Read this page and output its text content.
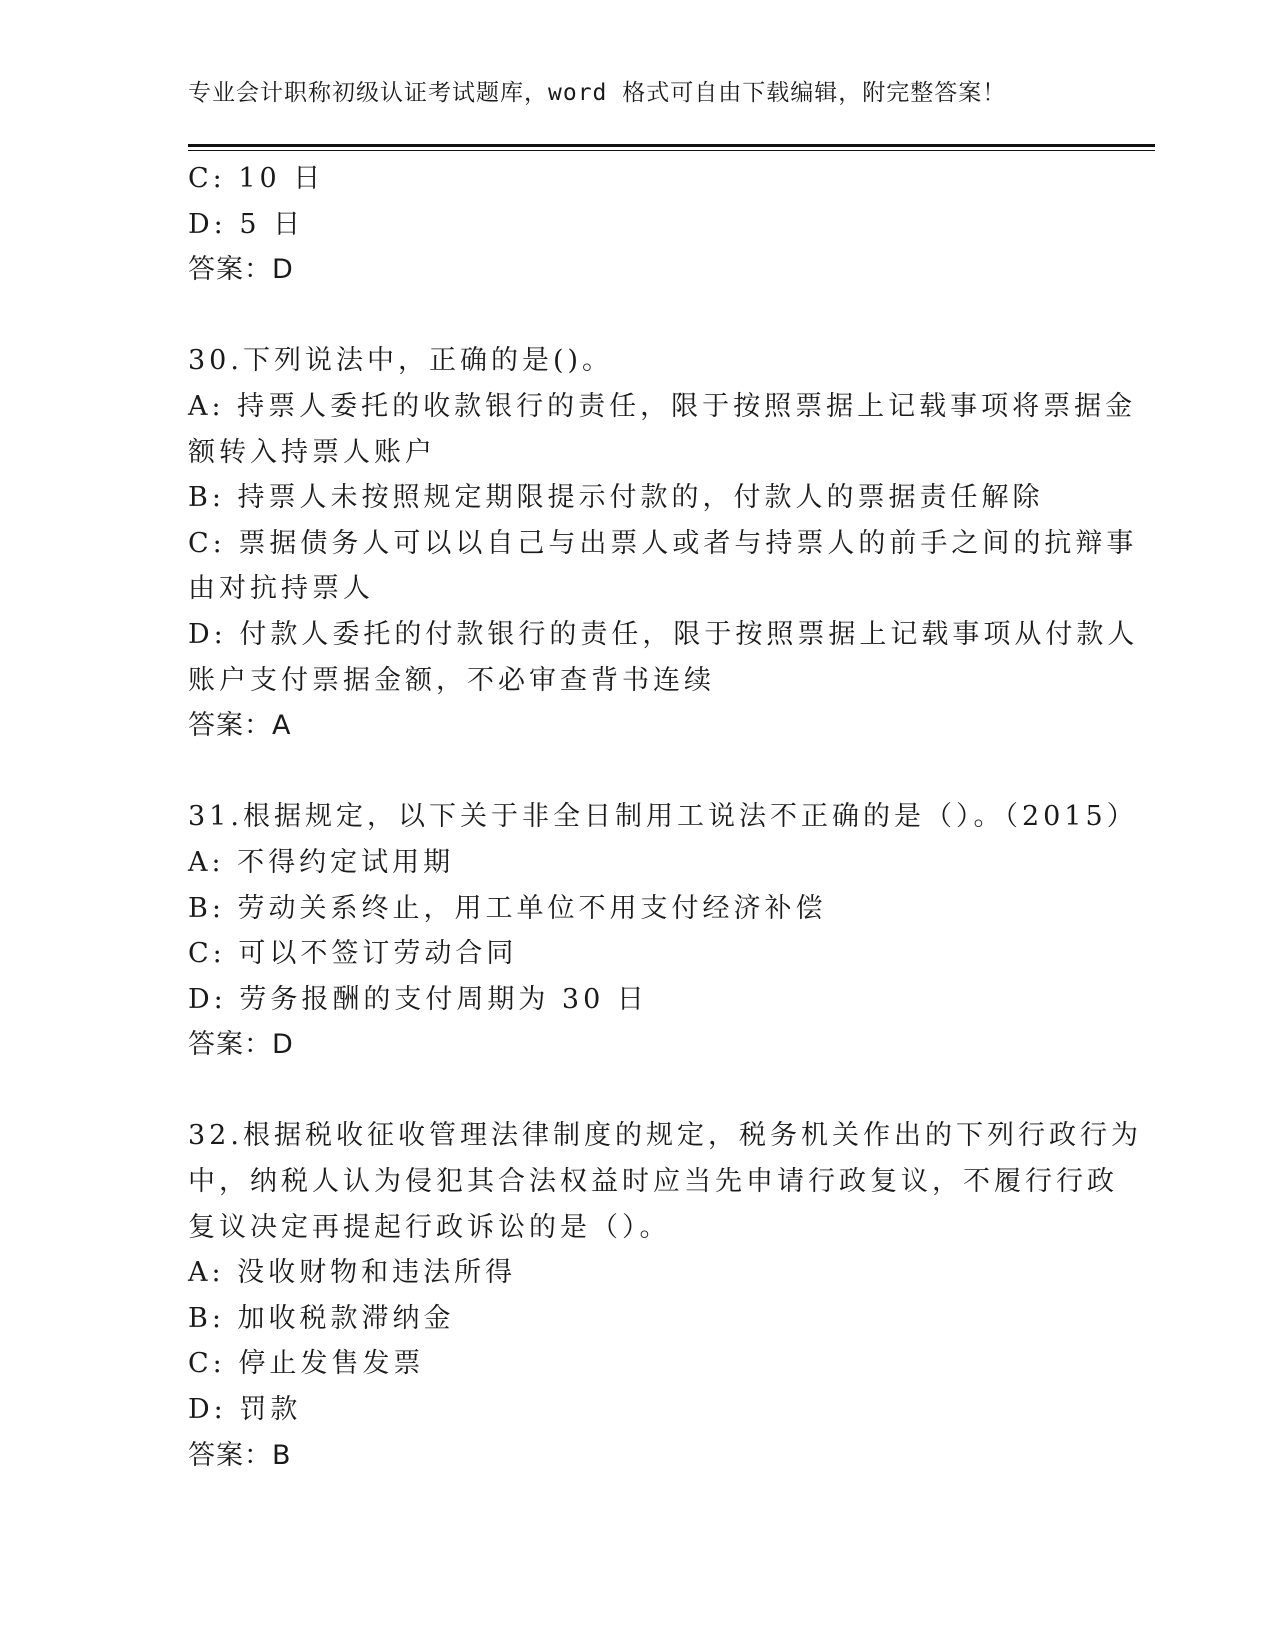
专业会计职称初级认证考试题库，word 格式可自由下载编辑，附完整答案！
C: 10 日
D: 5 日
答案：D
30.下列说法中，正确的是()。
A: 持票人委托的收款银行的责任，限于按照票据上记载事项将票据金
额转入持票人账户
B: 持票人未按照规定期限提示付款的，付款人的票据责任解除
C: 票据债务人可以以自己与出票人或者与持票人的前手之间的抗辩事
由对抗持票人
D: 付款人委托的付款银行的责任，限于按照票据上记载事项从付款人
账户支付票据金额，不必审查背书连续
答案：A
31.根据规定，以下关于非全日制用工说法不正确的是（）。（2015）
A: 不得约定试用期
B: 劳动关系终止，用工单位不用支付经济补偿
C: 可以不签订劳动合同
D: 劳务报酬的支付周期为 30 日
答案：D
32.根据税收征收管理法律制度的规定，税务机关作出的下列行政行为
中，纳税人认为侵犯其合法权益时应当先申请行政复议，不履行行政
复议决定再提起行政诉讼的是（）。
A: 没收财物和违法所得
B: 加收税款滞纳金
C: 停止发售发票
D: 罚款
答案：B
